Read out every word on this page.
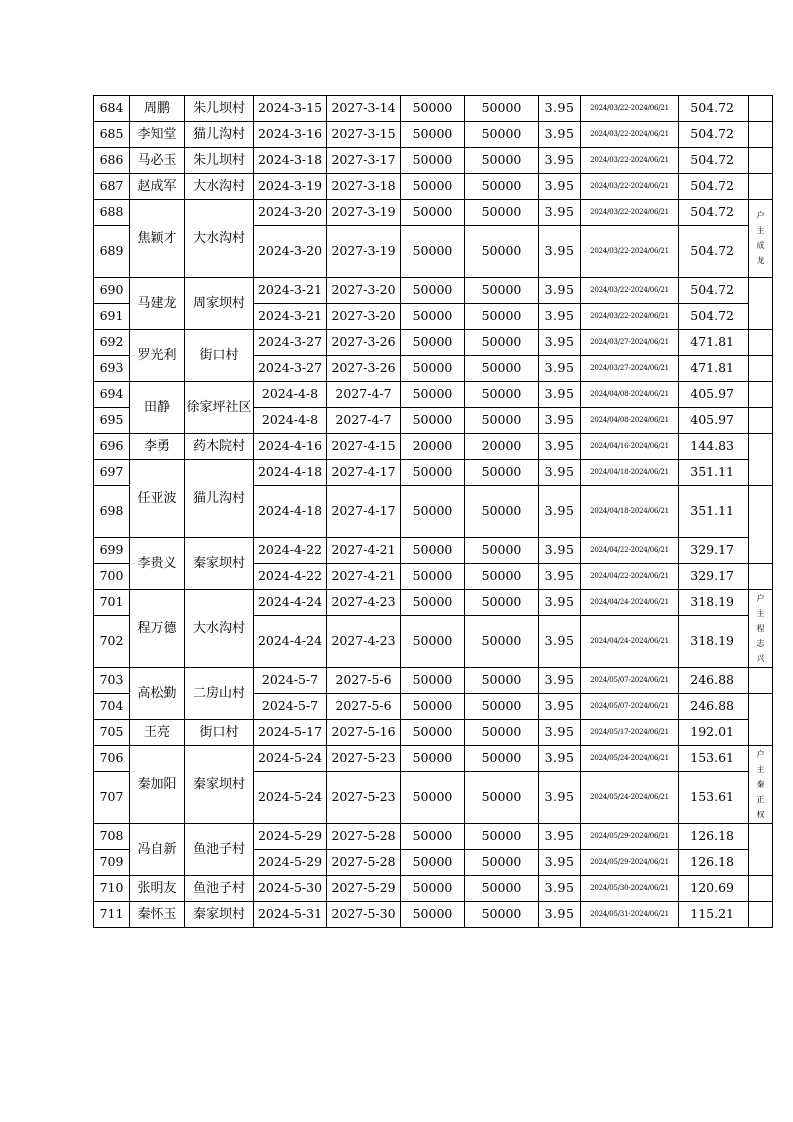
684	周鹏	朱儿坝村	2024-3-15	2027-3-14	50000	50000	3.95	2024/03/22-2024/06/21	504.72	
685	李知堂	猫儿沟村	2024-3-16	2027-3-15	50000	50000	3.95	2024/03/22-2024/06/21	504.72	
686	马必玉	朱儿坝村	2024-3-18	2027-3-17	50000	50000	3.95	2024/03/22-2024/06/21	504.72	
687	赵成军	大水沟村	2024-3-19	2027-3-18	50000	50000	3.95	2024/03/22-2024/06/21	504.72	
688	焦颖才	大水沟村	2024-3-20	2027-3-19	50000	50000	3.95	2024/03/22-2024/06/21	504.72	户
主
成
龙

689			2024-3-20	2027-3-19	50000	50000	3.95	2024/03/22-2024/06/21	504.72	
690	马建龙	周家坝村	2024-3-21	2027-3-20	50000	50000	3.95	2024/03/22-2024/06/21	504.72	
691			2024-3-21	2027-3-20	50000	50000	3.95	2024/03/22-2024/06/21	504.72	
692	罗光利	街口村	2024-3-27	2027-3-26	50000	50000	3.95	2024/03/27-2024/06/21	471.81	
693			2024-3-27	2027-3-26	50000	50000	3.95	2024/03/27-2024/06/21	471.81	
694	田静	徐家坪社区	2024-4-8	2027-4-7	50000	50000	3.95	2024/04/08-2024/06/21	405.97	
695			2024-4-8	2027-4-7	50000	50000	3.95	2024/04/08-2024/06/21	405.97	
696	李勇	药木院村	2024-4-16	2027-4-15	20000	20000	3.95	2024/04/16-2024/06/21	144.83	
697	任亚波	猫儿沟村	2024-4-18	2027-4-17	50000	50000	3.95	2024/04/18-2024/06/21	351.11	
698			2024-4-18	2027-4-17	50000	50000	3.95	2024/04/18-2024/06/21	351.11	
699	李贵义	秦家坝村	2024-4-22	2027-4-21	50000	50000	3.95	2024/04/22-2024/06/21	329.17	
700			2024-4-22	2027-4-21	50000	50000	3.95	2024/04/22-2024/06/21	329.17	
701	程万德	大水沟村	2024-4-24	2027-4-23	50000	50000	3.95	2024/04/24-2024/06/21	318.19	户
主
程
志
兴

702			2024-4-24	2027-4-23	50000	50000	3.95	2024/04/24-2024/06/21	318.19	
703	高松勤	二房山村	2024-5-7	2027-5-6	50000	50000	3.95	2024/05/07-2024/06/21	246.88	
704			2024-5-7	2027-5-6	50000	50000	3.95	2024/05/07-2024/06/21	246.88	
705	王亮	街口村	2024-5-17	2027-5-16	50000	50000	3.95	2024/05/17-2024/06/21	192.01	
706	秦加阳	秦家坝村	2024-5-24	2027-5-23	50000	50000	3.95	2024/05/24-2024/06/21	153.61	户
主
秦
正
权

707			2024-5-24	2027-5-23	50000	50000	3.95	2024/05/24-2024/06/21	153.61	
708	冯自新	鱼池子村	2024-5-29	2027-5-28	50000	50000	3.95	2024/05/29-2024/06/21	126.18	
709			2024-5-29	2027-5-28	50000	50000	3.95	2024/05/29-2024/06/21	126.18	
710	张明友	鱼池子村	2024-5-30	2027-5-29	50000	50000	3.95	2024/05/30-2024/06/21	120.69	
711	秦怀玉	秦家坝村	2024-5-31	2027-5-30	50000	50000	3.95	2024/05/31-2024/06/21	115.21	
